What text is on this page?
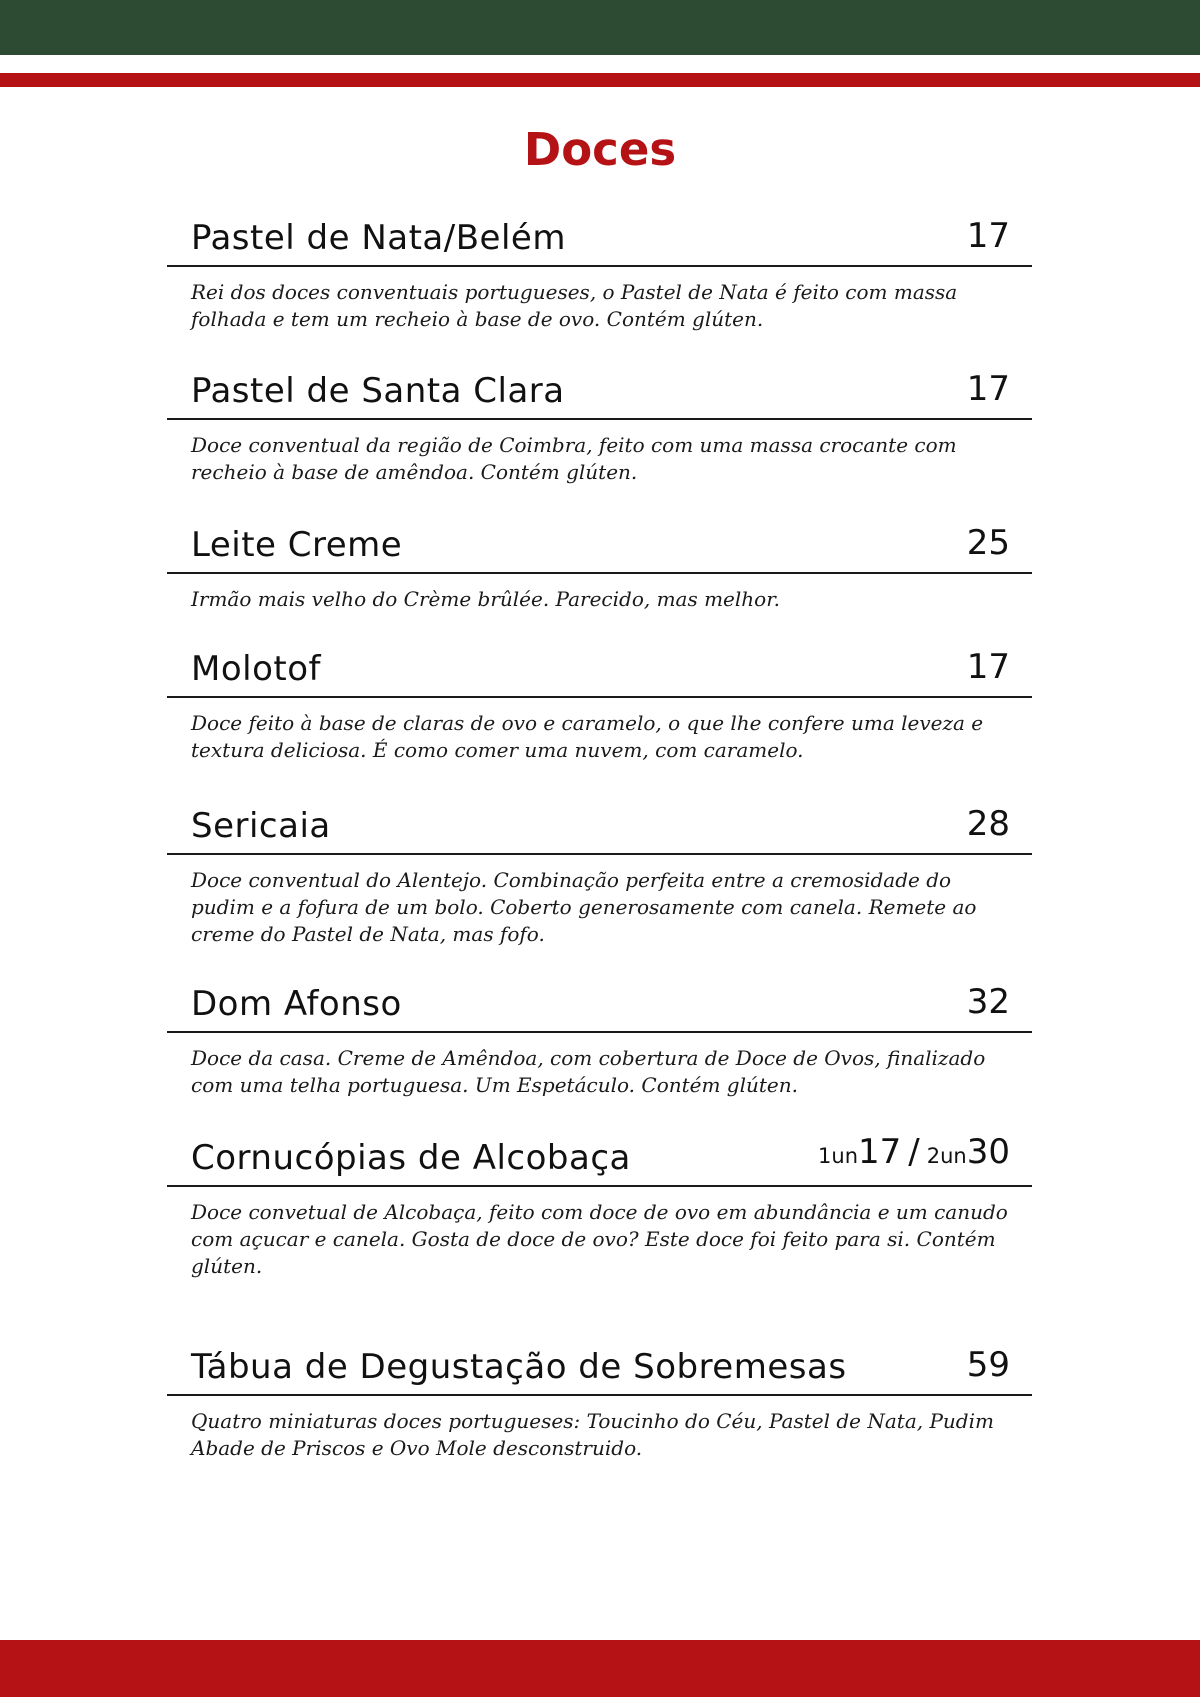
Doces
Pastel de Nata/Belém	17
Rei dos doces conventuais portugueses, o Pastel de Nata é feito com massa folhada e tem um recheio à base de ovo. Contém glúten.
Pastel de Santa Clara	17
Doce conventual da região de Coimbra, feito com uma massa crocante com recheio à base de amêndoa. Contém glúten.
Leite Creme	25
Irmão mais velho do Crème brûlée. Parecido, mas melhor.
Molotof	17
Doce feito à base de claras de ovo e caramelo, o que lhe confere uma leveza e textura deliciosa. É como comer uma nuvem, com caramelo.
Sericaia	28
Doce conventual do Alentejo. Combinação perfeita entre a cremosidade do pudim e a fofura de um bolo. Coberto generosamente com canela. Remete ao creme do Pastel de Nata, mas fofo.
Dom Afonso	32
Doce da casa. Creme de Amêndoa, com cobertura de Doce de Ovos, finalizado com uma telha portuguesa. Um Espetáculo. Contém glúten.
Cornucópias de Alcobaça	1un17 / 2un30
Doce convetual de Alcobaça, feito com doce de ovo em abundância e um canudo com açucar e canela. Gosta de doce de ovo? Este doce foi feito para si. Contém glúten.
Tábua de Degustação de Sobremesas	59
Quatro miniaturas doces portugueses: Toucinho do Céu, Pastel de Nata, Pudim Abade de Priscos e Ovo Mole desconstruido.
